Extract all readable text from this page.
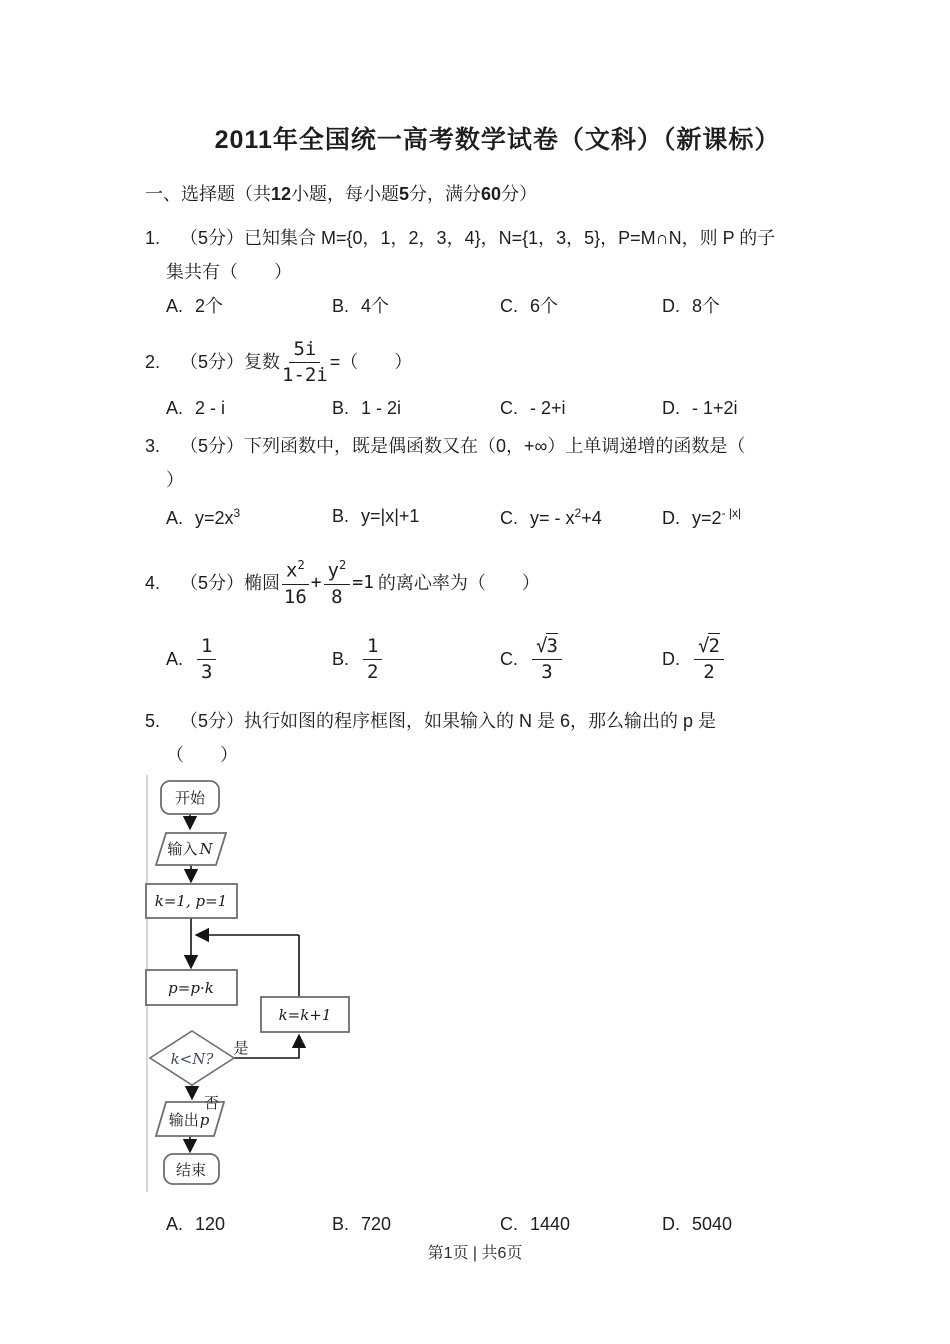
2011年全国统一高考数学试卷（文科）（新课标）
一、选择题（共12小题，每小题5分，满分60分）
1. （5分）已知集合 M={0，1，2，3，4}，N={1，3，5}，P=M∩N，则 P 的子
集共有（　　）
A. 2个	B. 4个	C. 6个	D. 8个
2.	（5分）复数 $\frac{5i}{1-2i}$ =（　　）
A. 2 - i	B. 1 - 2i	C. - 2+i	D. - 1+2i
3. （5分）下列函数中，既是偶函数又在（0，+∞）上单调递增的函数是（
）
A. $y=2x^3$	B. y=|x|+1	C. $y= - x^2+4$	D. $y=2^{- |x|}$
4.	（5分）椭圆 $\frac{x^2}{16} + \frac{y^2}{8} =1$ 的离心率为（　　）
A. $\frac{1}{3}$	B. $\frac{1}{2}$	C. $\frac{√3}{3}$	D. $\frac{√2}{2}$
5. （5分）执行如图的程序框图，如果输入的 N 是 6，那么输出的 p 是
（　　）
开始
输入 N
k=1, p=1
p=p·k
k<N?
是
否
k=k+1
输出p
结束
A. 120	B. 720	C. 1440	D. 5040
第1页 | 共6页
